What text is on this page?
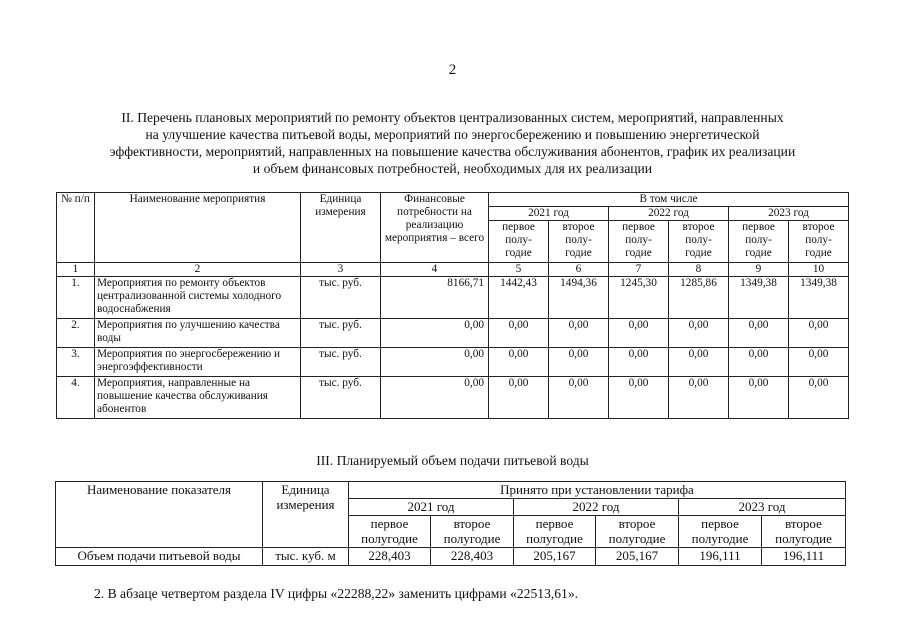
2
II. Перечень плановых мероприятий по ремонту объектов централизованных систем, мероприятий, направленных
на улучшение качества питьевой воды, мероприятий по энергосбережению и повышению энергетической
эффективности, мероприятий, направленных на повышение качества обслуживания абонентов, график их реализации
и объем финансовых потребностей, необходимых для их реализации
№ п/п	Наименование мероприятия	Единица измерения	Финансовые потребности на реализацию мероприятия – всего	В том числе					
				2021 год		2022 год		2023 год	
				первое полу- годие	второе полу- годие	первое полу- годие	второе полу- годие	первое полу- годие	второе полу- годие
1	2	3	4	5	6	7	8	9	10
1.	Мероприятия по ремонту объектов централизованной системы холодного водоснабжения	тыс. руб.	8166,71	1442,43	1494,36	1245,30	1285,86	1349,38	1349,38
2.	Мероприятия по улучшению качества воды	тыс. руб.	0,00	0,00	0,00	0,00	0,00	0,00	0,00
3.	Мероприятия по энергосбережению и энергоэффективности	тыс. руб.	0,00	0,00	0,00	0,00	0,00	0,00	0,00
4.	Мероприятия, направленные на повышение качества обслуживания абонентов	тыс. руб.	0,00	0,00	0,00	0,00	0,00	0,00	0,00
III. Планируемый объем подачи питьевой воды
Наименование показателя	Единица измерения	Принято при установлении тарифа					
		2021 год		2022 год		2023 год	
		первое полугодие	второе полугодие	первое полугодие	второе полугодие	первое полугодие	второе полугодие
Объем подачи питьевой воды	тыс. куб. м	228,403	228,403	205,167	205,167	196,111	196,111
2. В абзаце четвертом раздела IV цифры «22288,22» заменить цифрами «22513,61».
